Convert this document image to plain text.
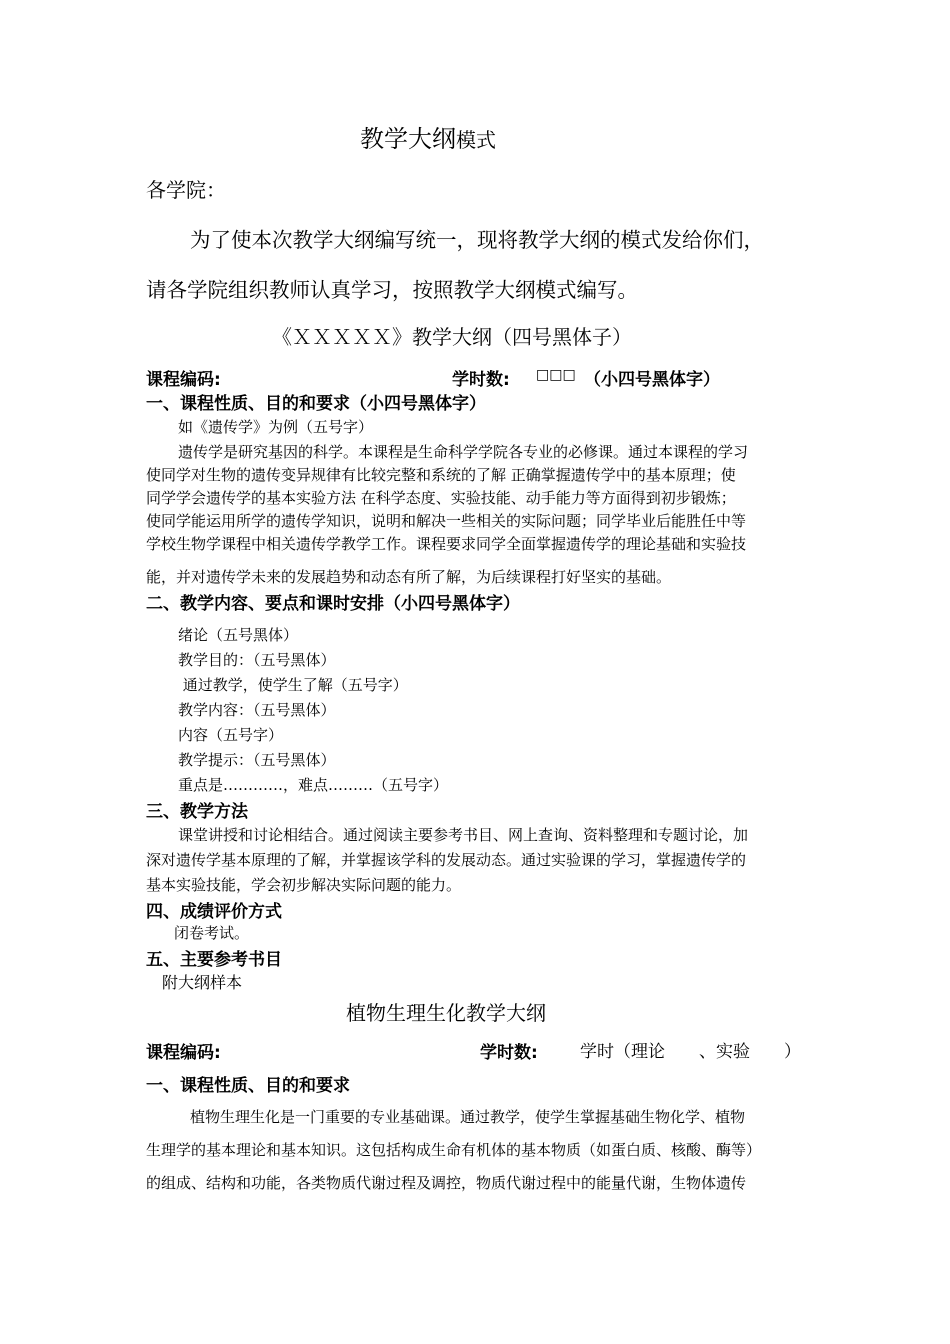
教学大纲模式
各学院：
为了使本次教学大纲编写统一，现将教学大纲的模式发给你们，
请各学院组织教师认真学习，按照教学大纲模式编写。
《ＸＸＸＸＸ》教学大纲（四号黑体子）
课程编码:	学时数: □□□ （小四号黑体字）
一、课程性质、目的和要求（小四号黑体字）
如《遗传学》为例（五号字）
遗传学是研究基因的科学。本课程是生命科学学院各专业的必修课。通过本课程的学习
使同学对生物的遗传变异规律有比较完整和系统的了解 正确掌握遗传学中的基本原理；使
同学学会遗传学的基本实验方法 在科学态度、实验技能、动手能力等方面得到初步锻炼；
使同学能运用所学的遗传学知识，说明和解决一些相关的实际问题；同学毕业后能胜任中等
学校生物学课程中相关遗传学教学工作。课程要求同学全面掌握遗传学的理论基础和实验技
能，并对遗传学未来的发展趋势和动态有所了解，为后续课程打好坚实的基础。
二、教学内容、要点和课时安排（小四号黑体字）
绪论（五号黑体）
教学目的：（五号黑体）
通过教学，使学生了解（五号字）
教学内容：（五号黑体）
内容（五号字）
教学提示：（五号黑体）
重点是…………，难点………（五号字）
三、教学方法
课堂讲授和讨论相结合。通过阅读主要参考书目、网上查询、资料整理和专题讨论，加
深对遗传学基本原理的了解，并掌握该学科的发展动态。通过实验课的学习，掌握遗传学的
基本实验技能，学会初步解决实际问题的能力。
四、成绩评价方式
闭卷考试。
五、主要参考书目
附大纲样本
植物生理生化教学大纲
课程编码:	学时数: 学时（理论　　、实验　　）
一、课程性质、目的和要求
植物生理生化是一门重要的专业基础课。通过教学，使学生掌握基础生物化学、植物
生理学的基本理论和基本知识。这包括构成生命有机体的基本物质（如蛋白质、核酸、酶等）
的组成、结构和功能，各类物质代谢过程及调控，物质代谢过程中的能量代谢，生物体遗传
